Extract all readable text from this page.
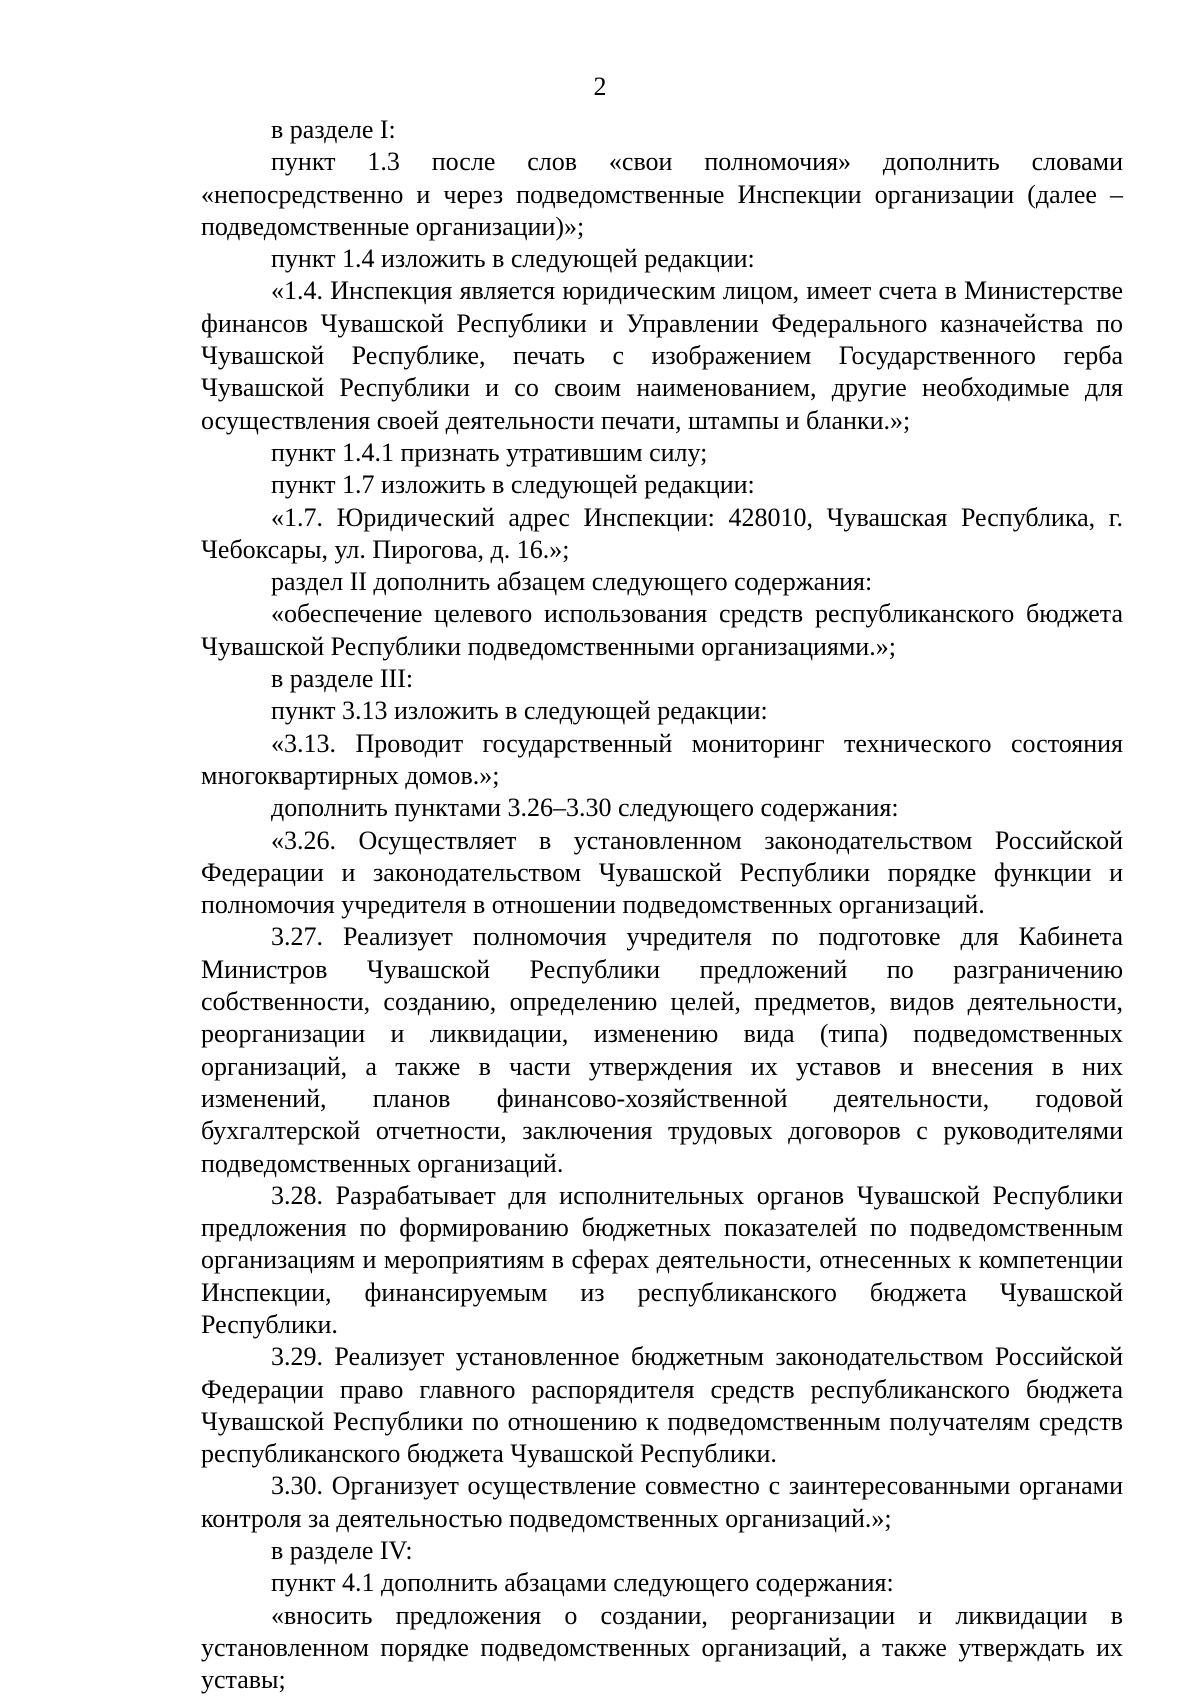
2

в разделе I:

пункт 1.3 после слов «свои полномочия» дополнить словами «непосредственно и через подведомственные Инспекции организации (далее – подведомственные организации)»;

пункт 1.4 изложить в следующей редакции:

«1.4. Инспекция является юридическим лицом, имеет счета в Министерстве финансов Чувашской Республики и Управлении Федерального казначейства по Чувашской Республике, печать с изображением Государственного герба Чувашской Республики и со своим наименованием, другие необходимые для осуществления своей деятельности печати, штампы и бланки.»;

пункт 1.4.1 признать утратившим силу;

пункт 1.7 изложить в следующей редакции:

«1.7. Юридический адрес Инспекции: 428010, Чувашская Республика, г. Чебоксары, ул. Пирогова, д. 16.»;

раздел II дополнить абзацем следующего содержания:

«обеспечение целевого использования средств республиканского бюджета Чувашской Республики подведомственными организациями.»;

в разделе III:

пункт 3.13 изложить в следующей редакции:

«3.13. Проводит государственный мониторинг технического состояния многоквартирных домов.»;

дополнить пунктами 3.26–3.30 следующего содержания:

«3.26. Осуществляет в установленном законодательством Российской Федерации и законодательством Чувашской Республики порядке функции и полномочия учредителя в отношении подведомственных организаций.

3.27. Реализует полномочия учредителя по подготовке для Кабинета Министров Чувашской Республики предложений по разграничению собственности, созданию, определению целей, предметов, видов деятельности, реорганизации и ликвидации, изменению вида (типа) подведомственных организаций, а также в части утверждения их уставов и внесения в них изменений, планов финансово-хозяйственной деятельности, годовой бухгалтерской отчетности, заключения трудовых договоров с руководителями подведомственных организаций.

3.28. Разрабатывает для исполнительных органов Чувашской Республики предложения по формированию бюджетных показателей по подведомственным организациям и мероприятиям в сферах деятельности, отнесенных к компетенции Инспекции, финансируемым из республиканского бюджета Чувашской Республики.

3.29. Реализует установленное бюджетным законодательством Российской Федерации право главного распорядителя средств республиканского бюджета Чувашской Республики по отношению к подведомственным получателям средств республиканского бюджета Чувашской Республики.

3.30. Организует осуществление совместно с заинтересованными органами контроля за деятельностью подведомственных организаций.»;

в разделе IV:

пункт 4.1 дополнить абзацами следующего содержания:

«вносить предложения о создании, реорганизации и ликвидации в установленном порядке подведомственных организаций, а также утверждать их уставы;
